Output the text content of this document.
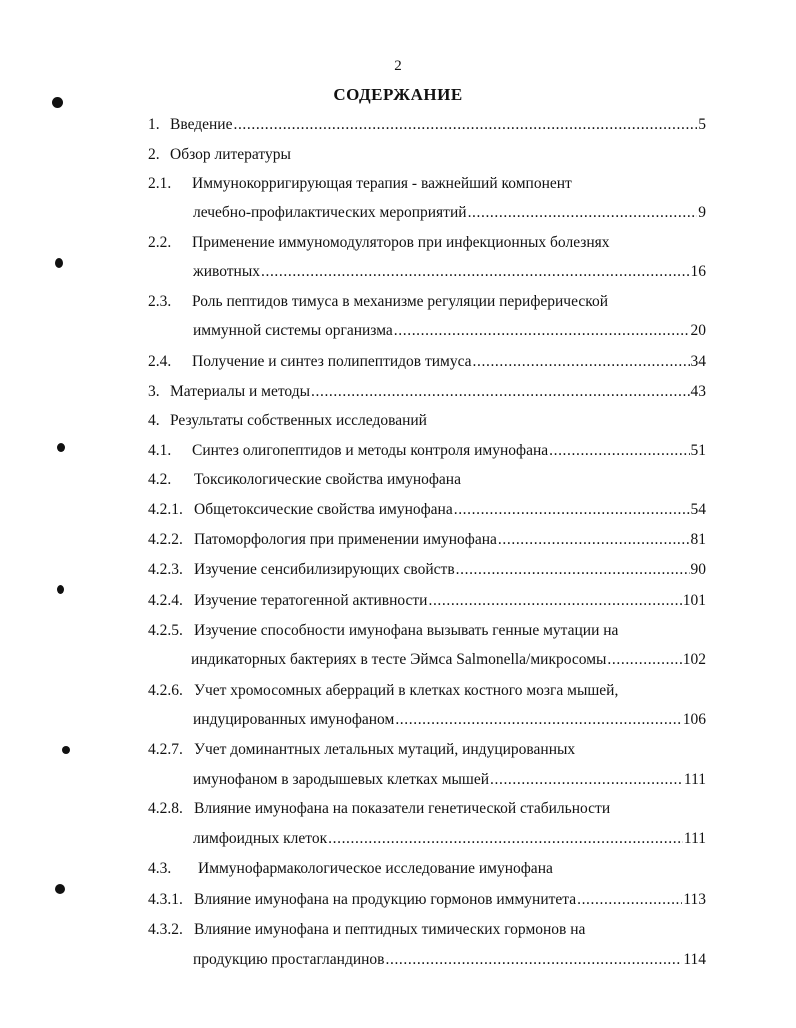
2
СОДЕРЖАНИЕ
1. Введение .....	5
2. Обзор литературы
2.1.	Иммунокорригирующая терапия - важнейший компонент
лечебно-профилактических мероприятий .....	9
2.2.	Применение иммуномодуляторов при инфекционных болезнях
животных .....	16
2.3.	Роль пептидов тимуса в механизме регуляции периферической
иммунной системы организма .....	20
2.4.	Получение и синтез полипептидов тимуса .....	34
3. Материалы и методы .....	43
4. Результаты собственных исследований
4.1.	Синтез олигопептидов и методы контроля имунофана .....	51
4.2.	Токсикологические свойства имунофана
4.2.1. Общетоксические свойства имунофана .....	54
4.2.2. Патоморфология при применении имунофана .....	81
4.2.3. Изучение сенсибилизирующих свойств .....	90
4.2.4. Изучение тератогенной активности .....	101
4.2.5. Изучение способности имунофана вызывать генные мутации на
индикаторных бактериях в тесте Эймса Salmonella/микросомы .....	102
4.2.6. Учет хромосомных аберраций в клетках костного мозга мышей,
индуцированных имунофаном .....	106
4.2.7. Учет доминантных летальных мутаций, индуцированных
имунофаном в зародышевых клетках мышей .....	111
4.2.8. Влияние имунофана на показатели генетической стабильности
лимфоидных клеток .....	111
4.3.	Иммунофармакологическое исследование имунофана
4.3.1. Влияние имунофана на продукцию гормонов иммунитета .....	113
4.3.2. Влияние имунофана и пептидных тимических гормонов на
продукцию простагландинов .....	114
